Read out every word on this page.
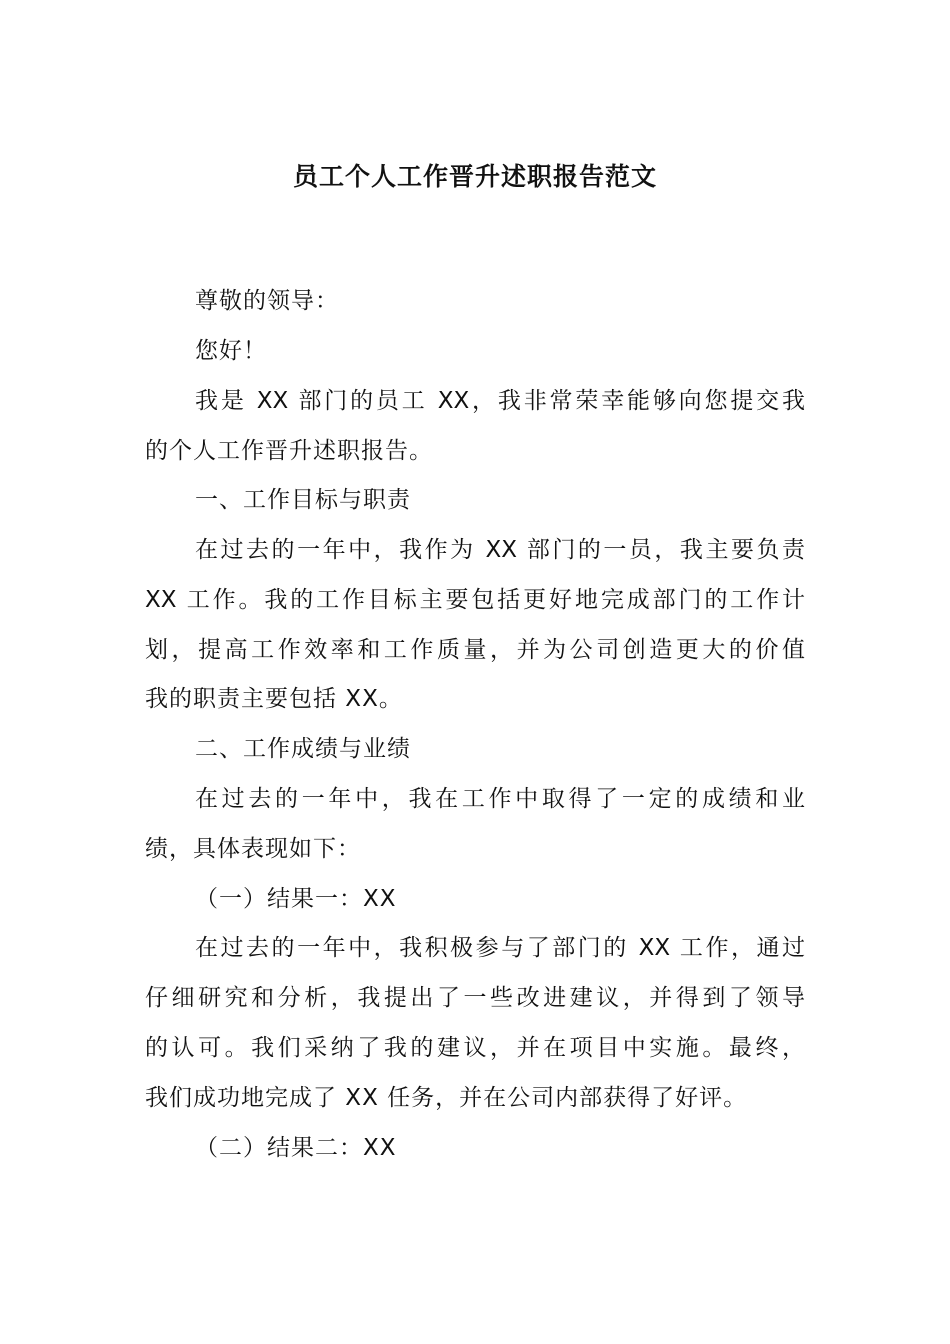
员工个人工作晋升述职报告范文
尊敬的领导：
您好！
我是 XX 部门的员工 XX，我非常荣幸能够向您提交我
的个人工作晋升述职报告。
一、工作目标与职责
在过去的一年中，我作为 XX 部门的一员，我主要负责
XX 工作。我的工作目标主要包括更好地完成部门的工作计
划，提高工作效率和工作质量，并为公司创造更大的价值
我的职责主要包括 XX。
二、工作成绩与业绩
在过去的一年中，我在工作中取得了一定的成绩和业
绩，具体表现如下：
（一）结果一：XX
在过去的一年中，我积极参与了部门的 XX 工作，通过
仔细研究和分析，我提出了一些改进建议，并得到了领导
的认可。我们采纳了我的建议，并在项目中实施。最终，
我们成功地完成了 XX 任务，并在公司内部获得了好评。
（二）结果二：XX
